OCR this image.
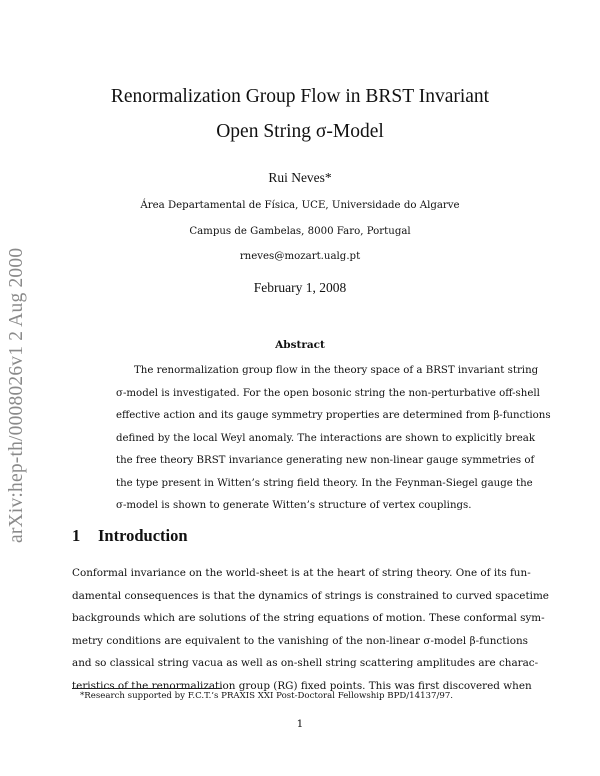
arXiv:hep-th/0008026v1 2 Aug 2000
Renormalization Group Flow in BRST Invariant
Open String σ-Model
Rui Neves*
Área Departamental de Física, UCE, Universidade do Algarve
Campus de Gambelas, 8000 Faro, Portugal
rneves@mozart.ualg.pt
February 1, 2008
Abstract
The renormalization group flow in the theory space of a BRST invariant string
σ-model is investigated. For the open bosonic string the non-perturbative off-shell
effective action and its gauge symmetry properties are determined from β-functions
defined by the local Weyl anomaly. The interactions are shown to explicitly break
the free theory BRST invariance generating new non-linear gauge symmetries of
the type present in Witten’s string field theory. In the Feynman-Siegel gauge the
σ-model is shown to generate Witten’s structure of vertex couplings.
1 Introduction
Conformal invariance on the world-sheet is at the heart of string theory. One of its fun-
damental consequences is that the dynamics of strings is constrained to curved spacetime
backgrounds which are solutions of the string equations of motion. These conformal sym-
metry conditions are equivalent to the vanishing of the non-linear σ-model β-functions
and so classical string vacua as well as on-shell string scattering amplitudes are charac-
teristics of the renormalization group (RG) fixed points. This was first discovered when
*Research supported by F.C.T.’s PRAXIS XXI Post-Doctoral Fellowship BPD/14137/97.
1
